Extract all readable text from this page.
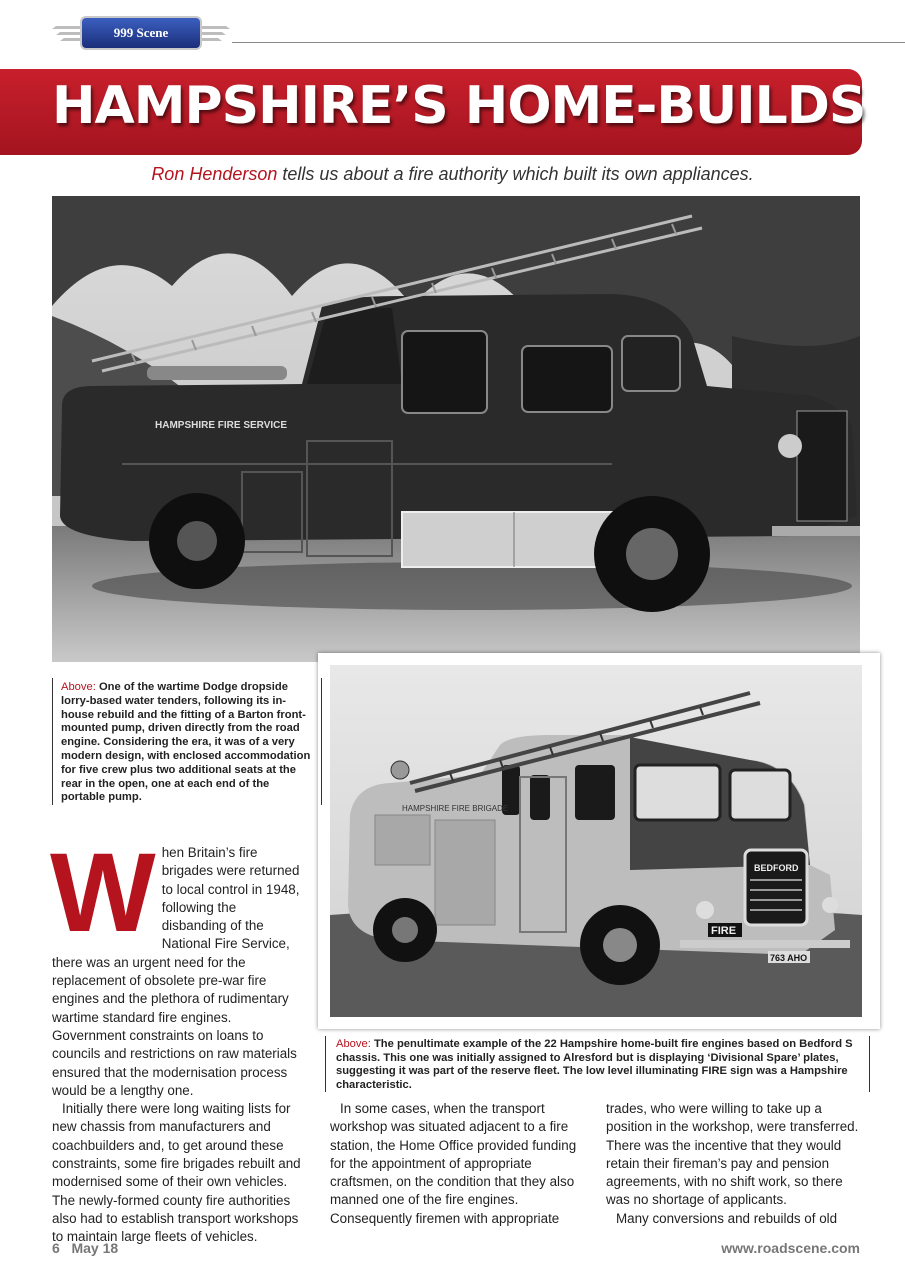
999 Scene
HAMPSHIRE’S HOME-BUILDS
Ron Henderson tells us about a fire authority which built its own appliances.
HAMPSHIRE FIRE SERVICE
HAMPSHIRE FIRE BRIGADE
BEDFORD
FIRE
763 AHO
Above: One of the wartime Dodge dropside lorry-based water tenders, following its in-house rebuild and the fitting of a Barton front-mounted pump, driven directly from the road engine. Considering the era, it was of a very modern design, with enclosed accommodation for five crew plus two additional seats at the rear in the open, one at each end of the portable pump.
Above: The penultimate example of the 22 Hampshire home-built fire engines based on Bedford S chassis. This one was initially assigned to Alresford but is displaying ‘Divisional Spare’ plates, suggesting it was part of the reserve fleet. The low level illuminating FIRE sign was a Hampshire characteristic.
W hen Britain’s fire brigades were returned to local control in 1948, following the disbanding of the National Fire Service, there was an urgent need for the replacement of obsolete pre-war fire engines and the plethora of rudimentary wartime standard fire engines. Government constraints on loans to councils and restrictions on raw materials ensured that the modernisation process would be a lengthy one.

Initially there were long waiting lists for new chassis from manufacturers and coachbuilders and, to get around these constraints, some fire brigades rebuilt and modernised some of their own vehicles. The newly-formed county fire authorities also had to establish transport workshops to maintain large fleets of vehicles.

In some cases, when the transport workshop was situated adjacent to a fire station, the Home Office provided funding for the appointment of appropriate craftsmen, on the condition that they also manned one of the fire engines. Consequently firemen with appropriate

trades, who were willing to take up a position in the workshop, were transferred. There was the incentive that they would retain their fireman’s pay and pension agreements, with no shift work, so there was no shortage of applicants.

Many conversions and rebuilds of old

6 May 18	www.roadscene.com
